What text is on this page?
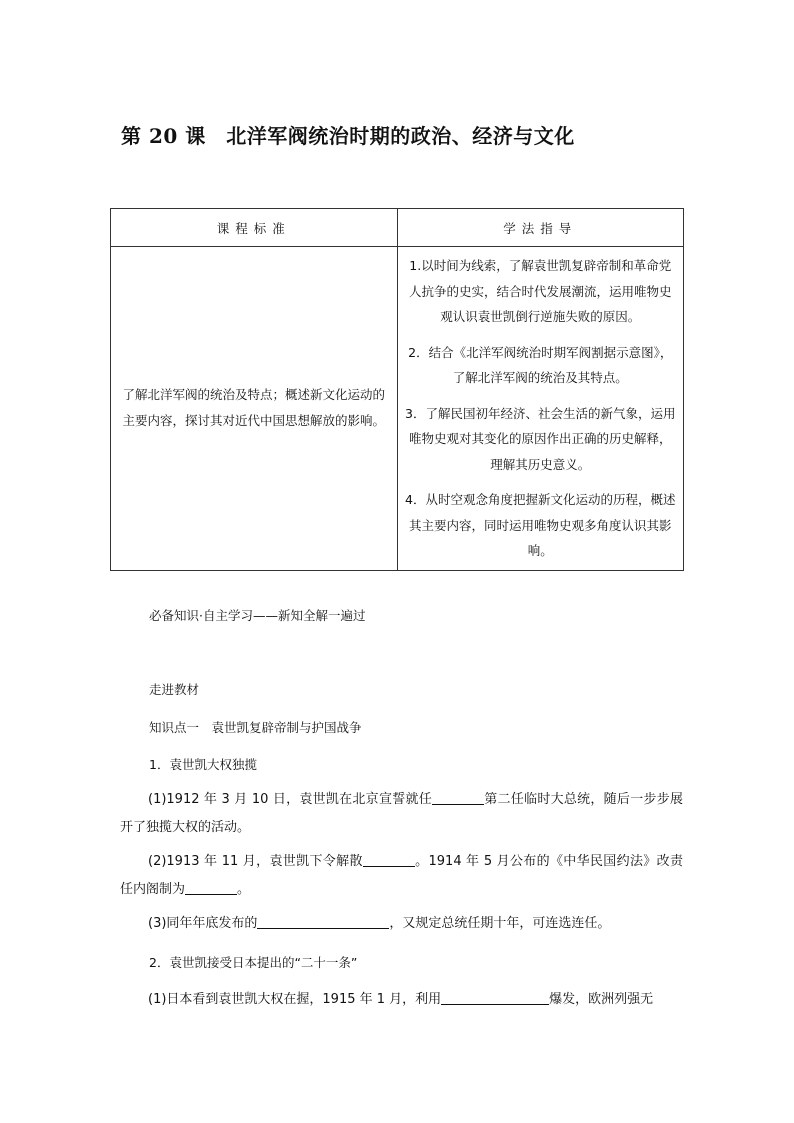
第 20 课　北洋军阀统治时期的政治、经济与文化
课程标准	学法指导
了解北洋军阀的统治及特点；概述新文化运动的主要内容，探讨其对近代中国思想解放的影响。	1.以时间为线索，了解袁世凯复辟帝制和革命党人抗争的史实，结合时代发展潮流，运用唯物史观认识袁世凯倒行逆施失败的原因。
2．结合《北洋军阀统治时期军阀割据示意图》，了解北洋军阀的统治及其特点。
3．了解民国初年经济、社会生活的新气象，运用唯物史观对其变化的原因作出正确的历史解释，理解其历史意义。
4．从时空观念角度把握新文化运动的历程，概述其主要内容，同时运用唯物史观多角度认识其影响。
必备知识·自主学习——新知全解一遍过
走进教材
知识点一　袁世凯复辟帝制与护国战争
1．袁世凯大权独揽
(1)1912 年 3 月 10 日，袁世凯在北京宣誓就任	第二任临时大总统，随后一步步展开了独揽大权的活动。
(2)1913 年 11 月，袁世凯下令解散	。1914 年 5 月公布的《中华民国约法》改责任内阁制为	。
(3)同年年底发布的	，又规定总统任期十年，可连选连任。
2．袁世凯接受日本提出的“二十一条”
(1)日本看到袁世凯大权在握，1915 年 1 月，利用	爆发，欧洲列强无
